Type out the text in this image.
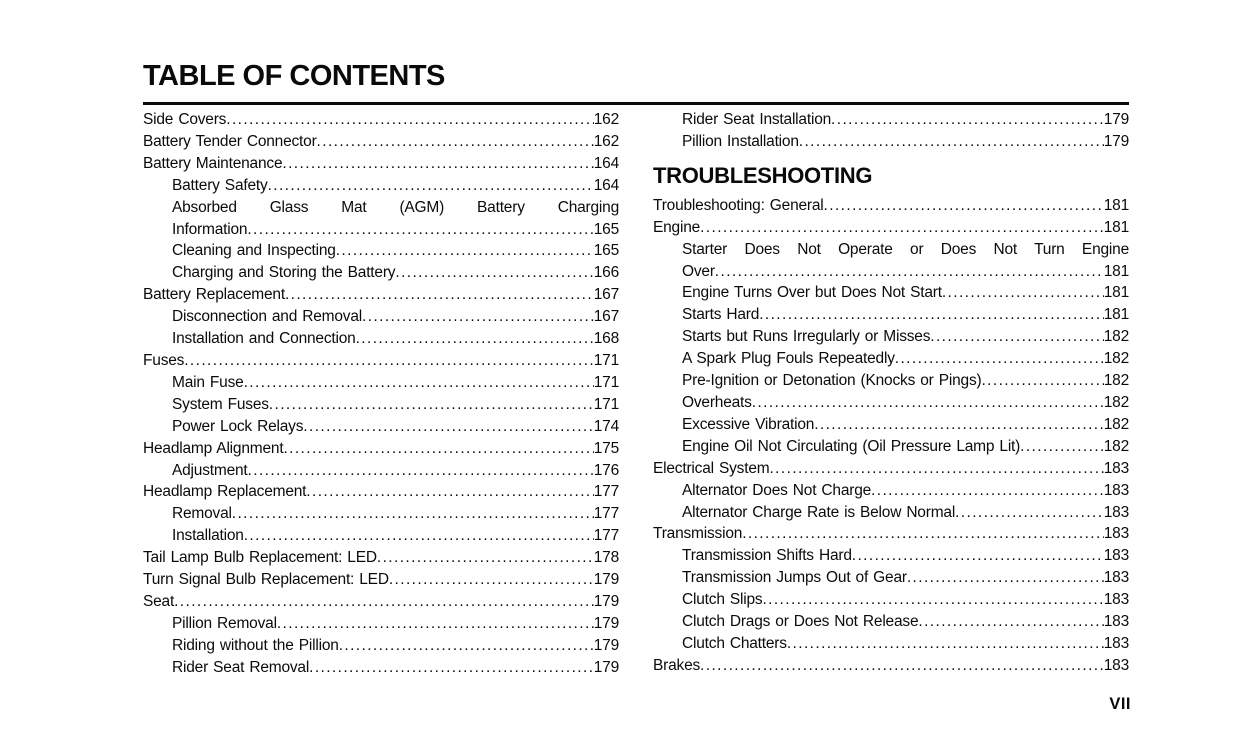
TABLE OF CONTENTS
Side Covers .....	162
Battery Tender Connector .....	162
Battery Maintenance .....	164
Battery Safety .....	164
Absorbed Glass Mat (AGM) Battery Charging
Information .....	165
Cleaning and Inspecting .....	165
Charging and Storing the Battery .....	166
Battery Replacement .....	167
Disconnection and Removal .....	167
Installation and Connection .....	168
Fuses .....	171
Main Fuse .....	171
System Fuses .....	171
Power Lock Relays .....	174
Headlamp Alignment .....	175
Adjustment .....	176
Headlamp Replacement .....	177
Removal .....	177
Installation .....	177
Tail Lamp Bulb Replacement: LED .....	178
Turn Signal Bulb Replacement: LED .....	179
Seat .....	179
Pillion Removal .....	179
Riding without the Pillion .....	179
Rider Seat Removal .....	179
Rider Seat Installation .....	179
Pillion Installation .....	179
TROUBLESHOOTING
Troubleshooting: General .....	181
Engine .....	181
Starter Does Not Operate or Does Not Turn Engine
Over .....	181
Engine Turns Over but Does Not Start .....	181
Starts Hard .....	181
Starts but Runs Irregularly or Misses .....	182
A Spark Plug Fouls Repeatedly .....	182
Pre-Ignition or Detonation (Knocks or Pings) .....	182
Overheats .....	182
Excessive Vibration .....	182
Engine Oil Not Circulating (Oil Pressure Lamp Lit) .....	182
Electrical System .....	183
Alternator Does Not Charge .....	183
Alternator Charge Rate is Below Normal .....	183
Transmission .....	183
Transmission Shifts Hard .....	183
Transmission Jumps Out of Gear .....	183
Clutch Slips .....	183
Clutch Drags or Does Not Release .....	183
Clutch Chatters .....	183
Brakes .....	183
VII
